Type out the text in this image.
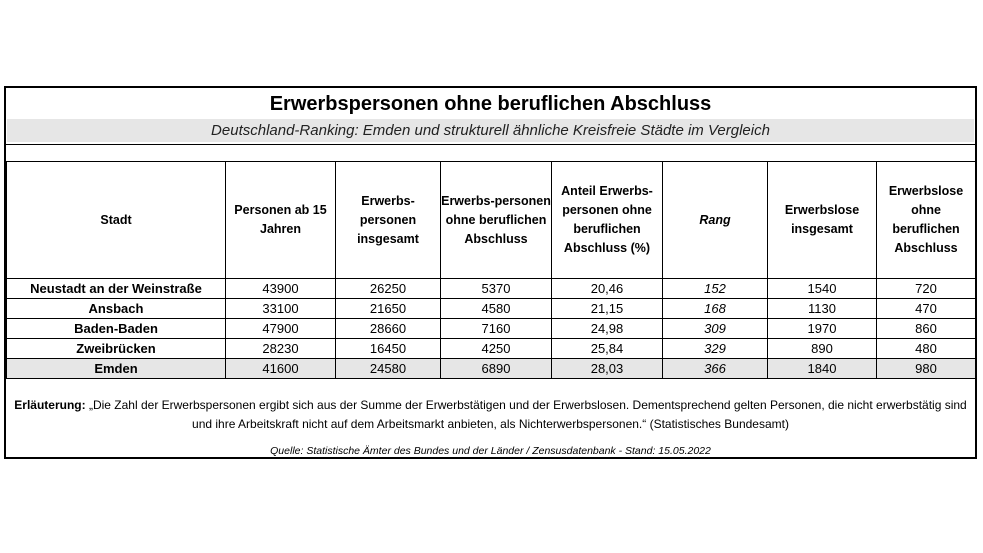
Erwerbspersonen ohne beruflichen Abschluss
Deutschland-Ranking: Emden und strukturell ähnliche Kreisfreie Städte im Vergleich
Stadt	Personen ab 15 Jahren	Erwerbs-personen insgesamt	Erwerbs-personen ohne beruflichen Abschluss	Anteil Erwerbs-personen ohne beruflichen Abschluss (%)	Rang	Erwerbslose insgesamt	Erwerbslose ohne beruflichen Abschluss
Neustadt an der Weinstraße	43900	26250	5370	20,46	152	1540	720
Ansbach	33100	21650	4580	21,15	168	1130	470
Baden-Baden	47900	28660	7160	24,98	309	1970	860
Zweibrücken	28230	16450	4250	25,84	329	890	480
Emden	41600	24580	6890	28,03	366	1840	980
Erläuterung: „Die Zahl der Erwerbspersonen ergibt sich aus der Summe der Erwerbstätigen und der Erwerbslosen. Dementsprechend gelten Personen, die nicht erwerbstätig sind
und ihre Arbeitskraft nicht auf dem Arbeitsmarkt anbieten, als Nichterwerbspersonen.“ (Statistisches Bundesamt)
Quelle: Statistische Ämter des Bundes und der Länder / Zensusdatenbank - Stand: 15.05.2022
